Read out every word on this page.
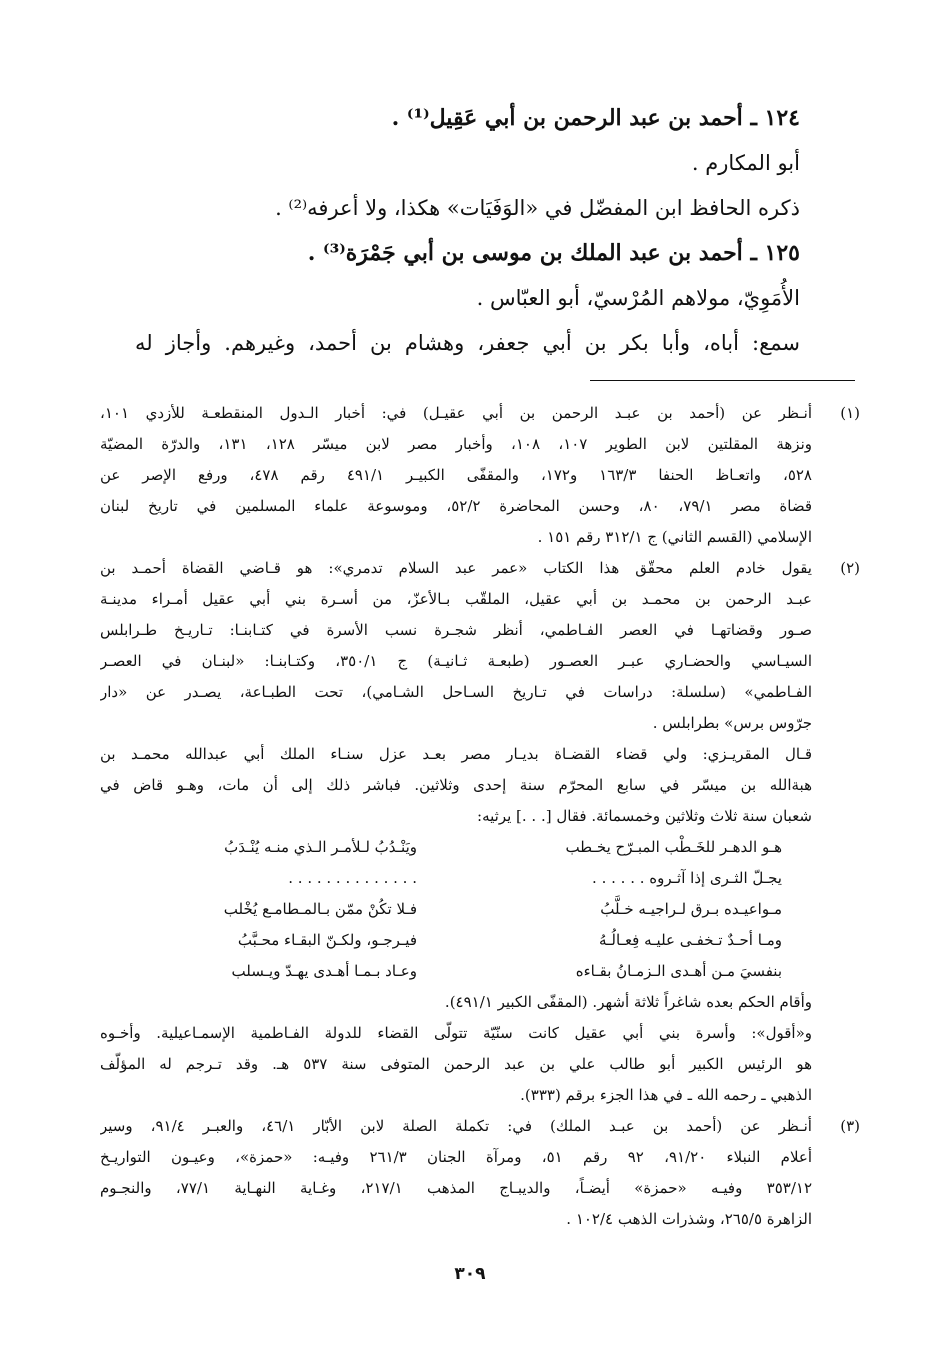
١٢٤ ـ أحمد بن عبد الرحمن بن أبي عَقِيل⁽¹⁾ .
أبو المكارم .
ذكره الحافظ ابن المفضّل في «الوَفَيَات» هكذا، ولا أعرفه⁽²⁾ .
١٢٥ ـ أحمد بن عبد الملك بن موسى بن أبي جَمْرَة⁽³⁾ .
الأُمَوِيّ، مولاهم المُرْسيّ، أبو العبّاس .
سمع: أباه، وأبا بكر بن أبي جعفر، وهشام بن أحمد، وغيرهم. وأجاز له
(١)
أنـظر عن (أحمد بن عبـد الرحمن بن أبي عقيـل) في: أخبار الـدول المنقطعـة للأزدي ١٠١،
ونزهة المقلتين لابن الطوير ١٠٧، ١٠٨، وأخبار مصر لابن ميسّر ١٢٨، ١٣١، والدرّة المضيّة
٥٢٨، واتعـاظ الحنفا ١٦٣/٣ و١٧٢، والمقفّى الكبيـر ٤٩١/١ رقم ٤٧٨، ورفع الإصر عن
قضاة مصر ٧٩/١، ٨٠، وحسن المحاضرة ٥٢/٢، وموسوعة علماء المسلمين في تاريخ لبنان
الإسلامي (القسم الثاني) ج ٣١٢/١ رقم ١٥١ .
(٢)
يقول خادم العلم محقّق هذا الكتاب «عمر عبد السلام تدمري»: هو قـاضي القضاة أحمـد بن
عبـد الرحمن بن محمـد بن أبي عقيل، الملقّب بـالأعزّ، من أسـرة بني أبي عقيل أمـراء مدينـة
صـور وقضاتهـا في العصر الفـاطمي، أنظر شجـرة نسب الأسرة في كتـابنـا: تـاريـخ طـرابلس
السيـاسي والحضـاري عبـر العصـور (طبعـة ثـانيـة) ج ٣٥٠/١، وكتـابنـا: «لبنـان في العصـر
الفـاطمي» (سلسلة: دراسات في تـاريخ السـاحل الشـامي)، تحت الطبـاعة، يصـدر عن «دار
جرّوس برس» بطرابلس .
قـال المقريـزي: ولي قضاء القضـاة بديـار مصر بعـد عزل سنـاء الملك أبي عبدالله محمـد بن
هبةالله بن ميسّر في سابع المحرّم سنة إحدى وثلاثين. فباشر ذلك إلى أن مات، وهـو قاض في
شعبان سنة ثلاث وثلاثين وخمسمائة. فقال [. . .] يرثيه:
هـو الدهـر للخَـطْب المبـرّح يخـطب
ويَنْـدُبُ لـلأمـر الـذي منـه يُنْـدَبُ
يجـلّ الثـرى إذا آثـروه . . . . . .
. . . . . . . . . . . . . .
مـواعيـده بـرق لـراجيـه خـلَّبُ
فـلا تكُنْ ممّن بـالمـطامـع يُخْلب
ومـا أحـدٌ تـخفـى عليـه فِعـالُـهُ
فيـرجـو، ولكـنّ البقـاء محـبَّبُ
بنفسيَ مـن أهـدى الـزمـانُ بقـاءه
وعـاد بـمـا أهـدى يهـدّ ويـسلب
وأقام الحكم بعده شاغراً ثلاثة أشهر. (المقفّى الكبير ٤٩١/١).
و«أقول»: وأسرة بني أبي عقيل كانت سنّيّة تتولّى القضاء للدولة الفـاطمية الإسمـاعيلية. وأخـوه
هو الرئيس الكبير أبو طالب علي بن عبد الرحمن المتوفى سنة ٥٣٧ هـ. وقد تـرجم له المؤلّف
الذهبي ـ رحمه الله ـ في هذا الجزء برقم (٣٣٣).
(٣)
أنـظر عن (أحمد بن عبـد الملك) في: تكملة الصلة لابن الأبّار ٤٦/١، والعبـر ٩١/٤، وسير
أعلام النبلاء ٩١/٢٠، ٩٢ رقم ٥١، ومرآة الجنان ٢٦١/٣ وفيـه: «حمزة»، وعيـون التواريـخ
٣٥٣/١٢ وفيـه «حمزة» أيضـاً، والديبـاج المذهب ٢١٧/١، وغـاية النهـاية ٧٧/١، والنجـوم
الزاهرة ٢٦٥/٥، وشذرات الذهب ١٠٢/٤ .
٣٠٩
